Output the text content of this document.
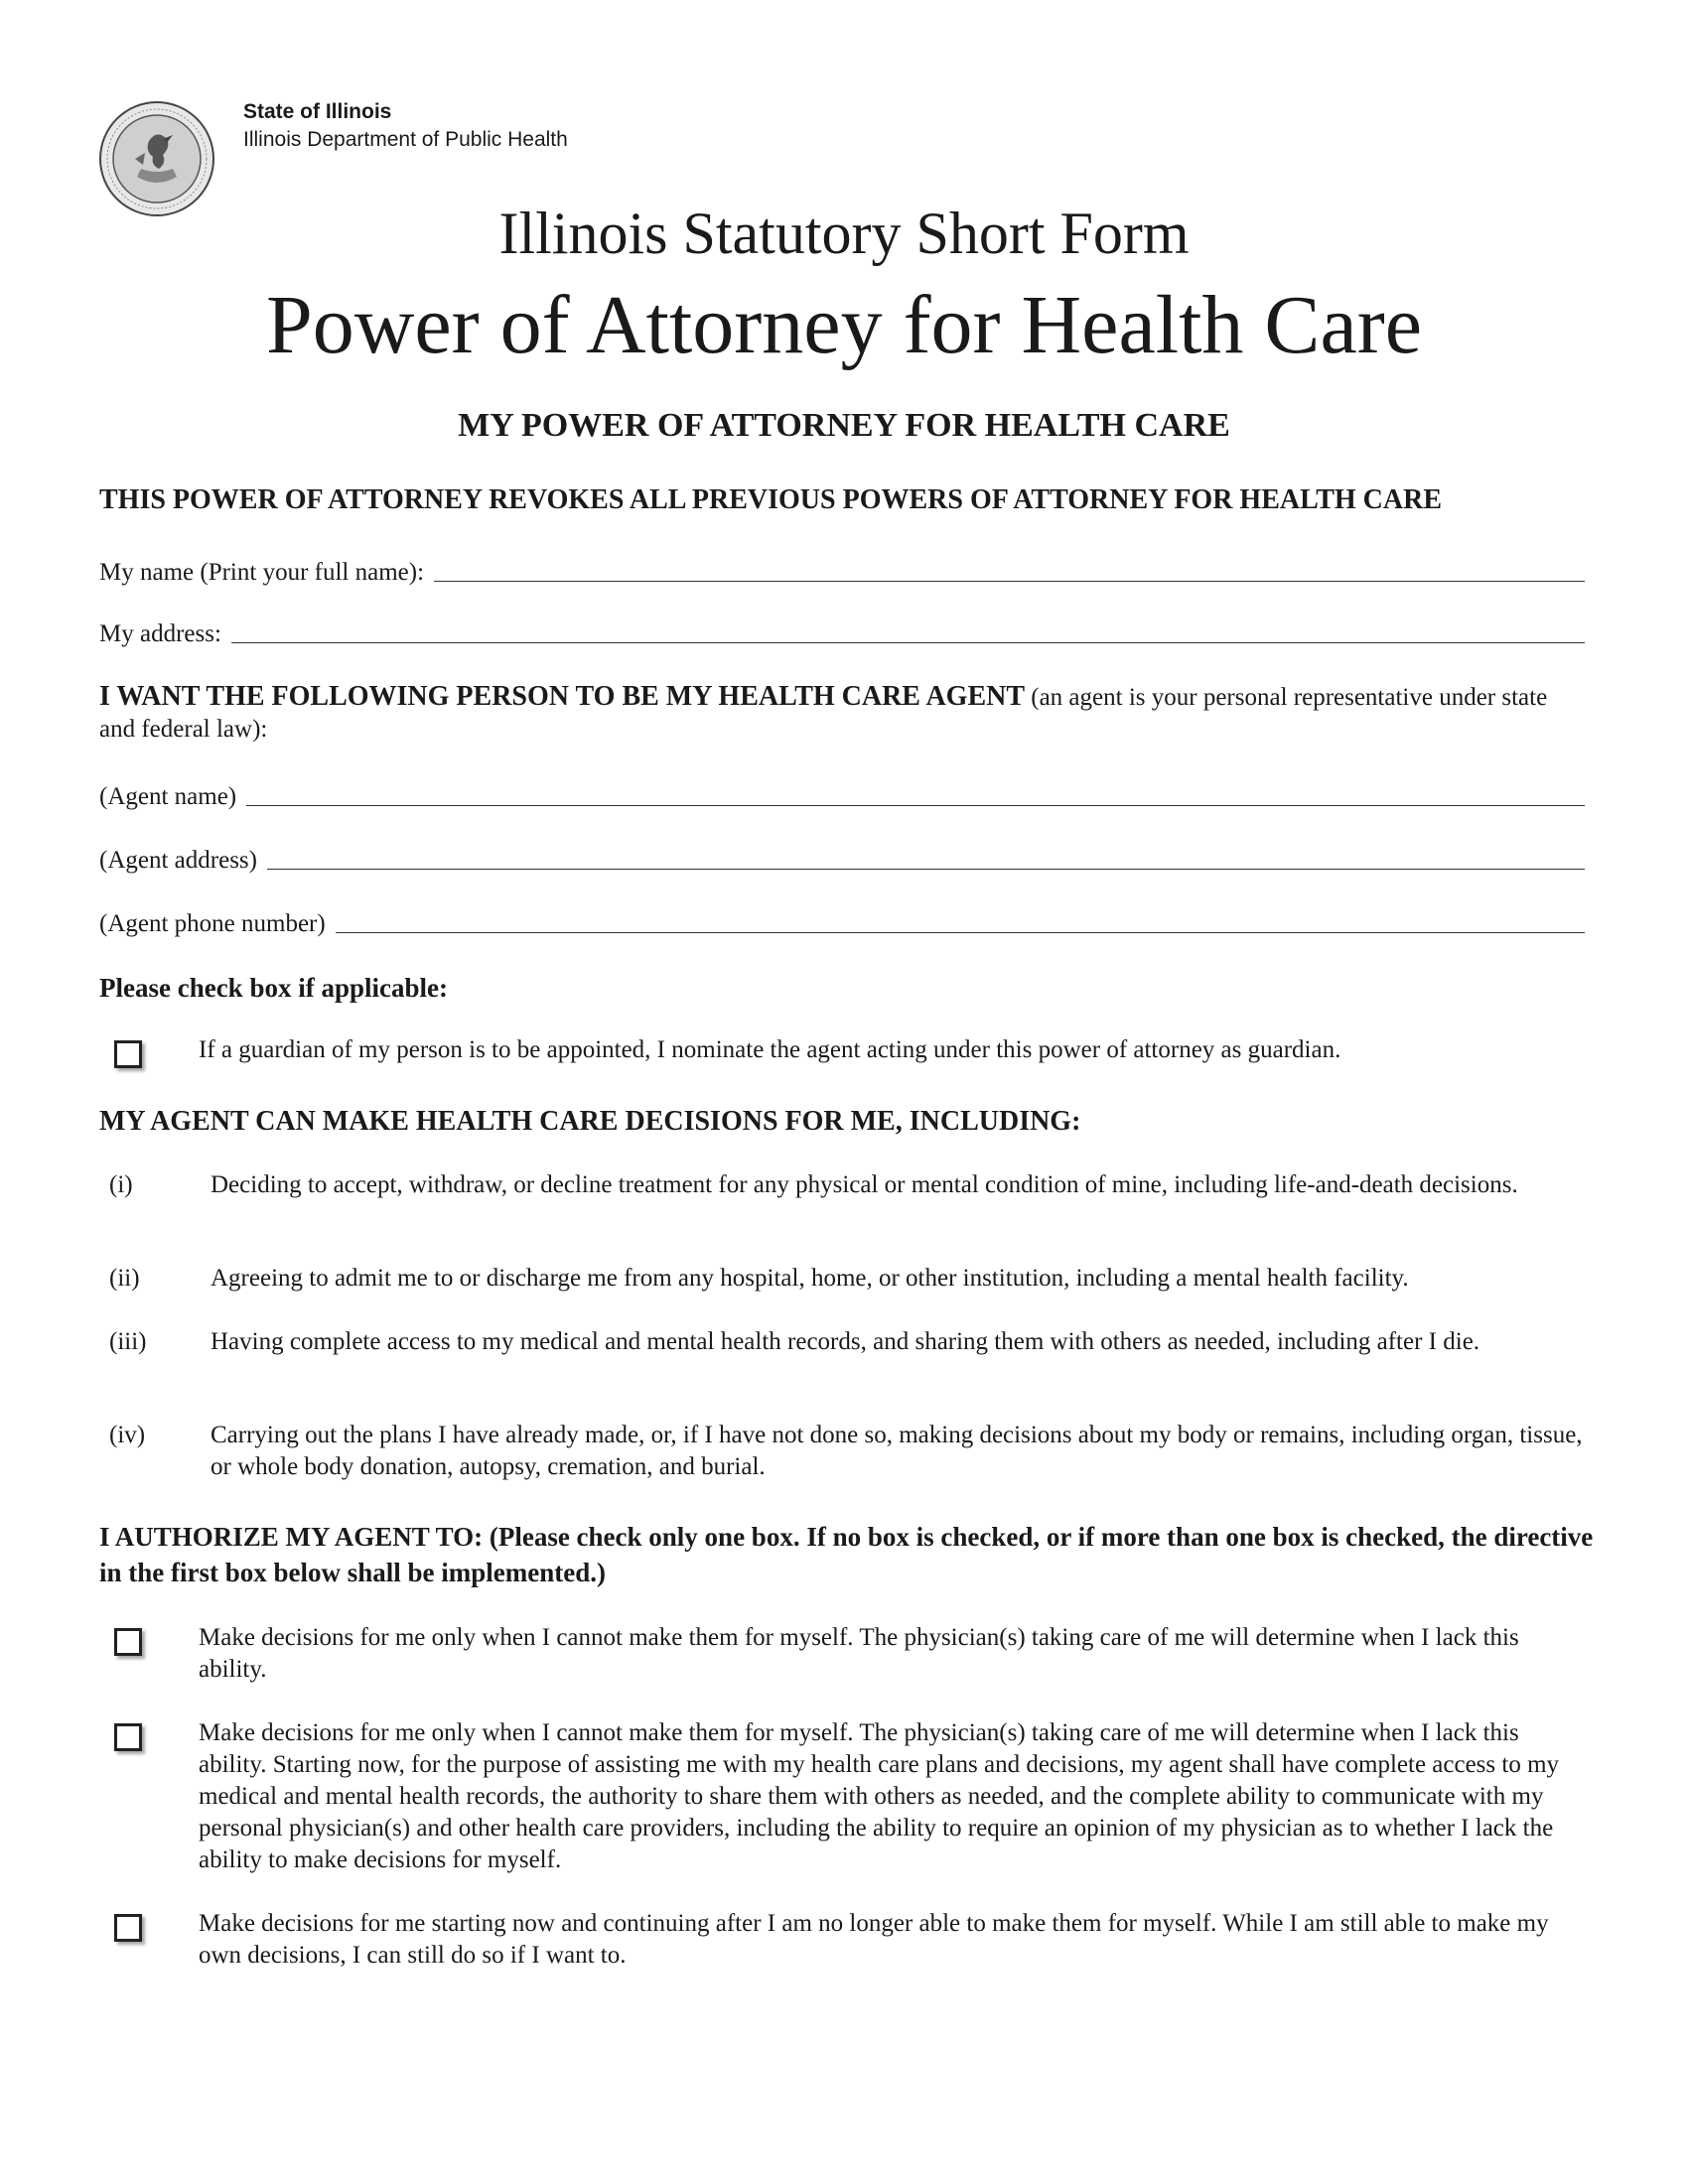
State of Illinois
Illinois Department of Public Health
Illinois Statutory Short Form
Power of Attorney for Health Care
MY POWER OF ATTORNEY FOR HEALTH CARE
THIS POWER OF ATTORNEY REVOKES ALL PREVIOUS POWERS OF ATTORNEY FOR HEALTH CARE
My name (Print your full name):
My address:
I WANT THE FOLLOWING PERSON TO BE MY HEALTH CARE AGENT (an agent is your personal representative under state and federal law):
(Agent name)
(Agent address)
(Agent phone number)
Please check box if applicable:
If a guardian of my person is to be appointed, I nominate the agent acting under this power of attorney as guardian.
MY AGENT CAN MAKE HEALTH CARE DECISIONS FOR ME, INCLUDING:
(i)	Deciding to accept, withdraw, or decline treatment for any physical or mental condition of mine, including life-and-death decisions.
(ii)	Agreeing to admit me to or discharge me from any hospital, home, or other institution, including a mental health facility.
(iii)	Having complete access to my medical and mental health records, and sharing them with others as needed, including after I die.
(iv)	Carrying out the plans I have already made, or, if I have not done so, making decisions about my body or remains, including organ, tissue, or whole body donation, autopsy, cremation, and burial.
I AUTHORIZE MY AGENT TO: (Please check only one box. If no box is checked, or if more than one box is checked, the directive in the first box below shall be implemented.)
Make decisions for me only when I cannot make them for myself. The physician(s) taking care of me will determine when I lack this ability.
Make decisions for me only when I cannot make them for myself. The physician(s) taking care of me will determine when I lack this ability. Starting now, for the purpose of assisting me with my health care plans and decisions, my agent shall have complete access to my medical and mental health records, the authority to share them with others as needed, and the complete ability to communicate with my personal physician(s) and other health care providers, including the ability to require an opinion of my physician as to whether I lack the ability to make decisions for myself.
Make decisions for me starting now and continuing after I am no longer able to make them for myself. While I am still able to make my own decisions, I can still do so if I want to.
